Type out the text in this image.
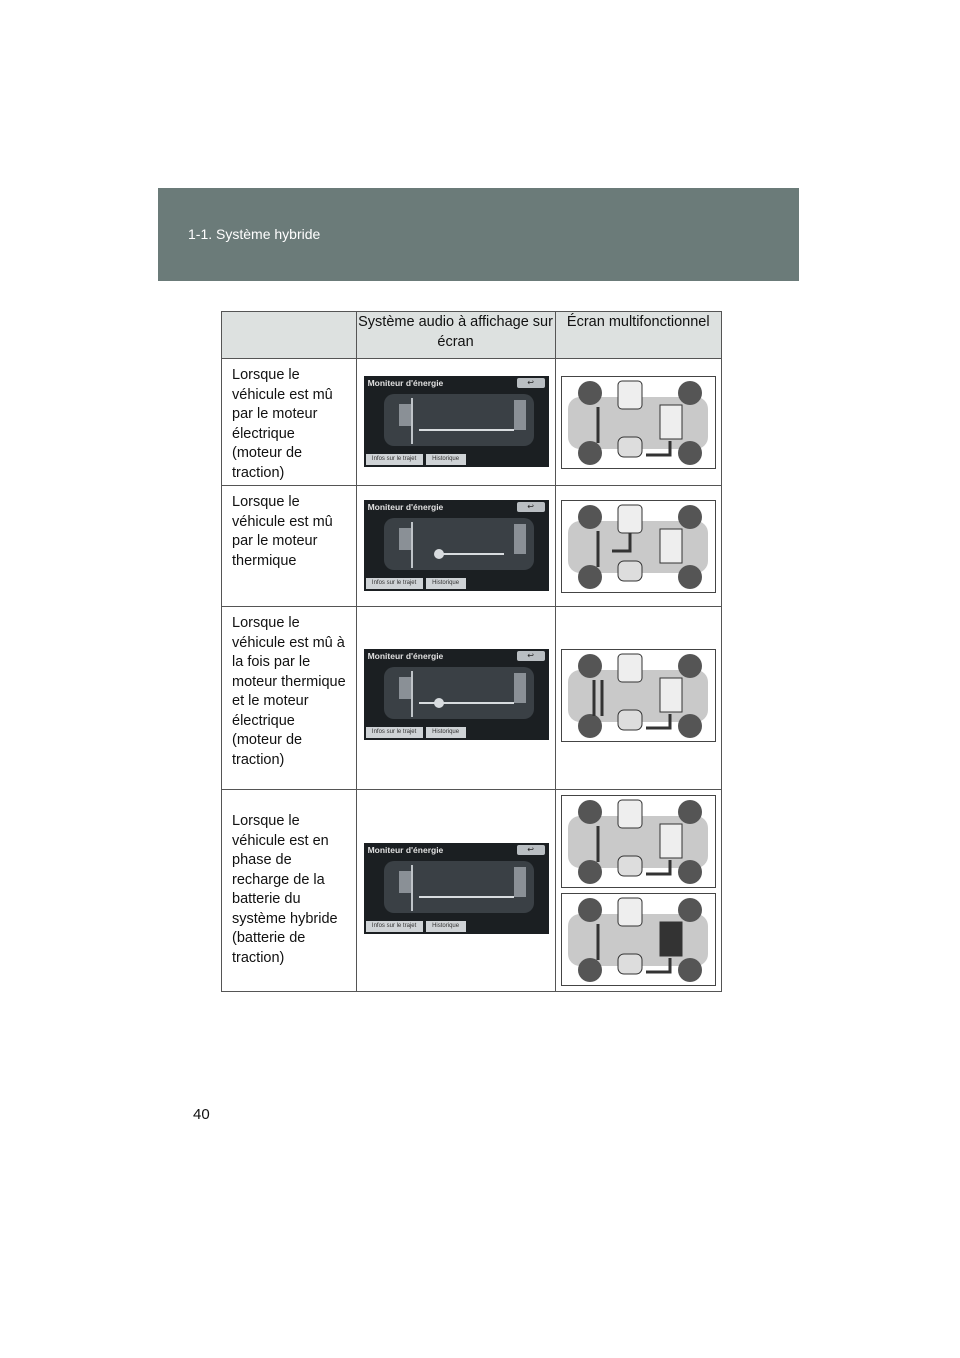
1-1. Système hybride
	Système audio à affichage sur écran	Écran multifonctionnel
Lorsque le véhicule est mû par le moteur électrique (moteur de traction)	Moniteur d'énergie ↩
Infos sur le trajet Historique

Lorsque le véhicule est mû par le moteur thermique	Moniteur d'énergie ↩
Infos sur le trajet Historique

Lorsque le véhicule est mû à la fois par le moteur thermique et le moteur électrique (moteur de traction)	Moniteur d'énergie ↩
Infos sur le trajet Historique

Lorsque le véhicule est en phase de recharge de la batterie du système hybride (batterie de traction)	Moniteur d'énergie ↩
Infos sur le trajet Historique

40
